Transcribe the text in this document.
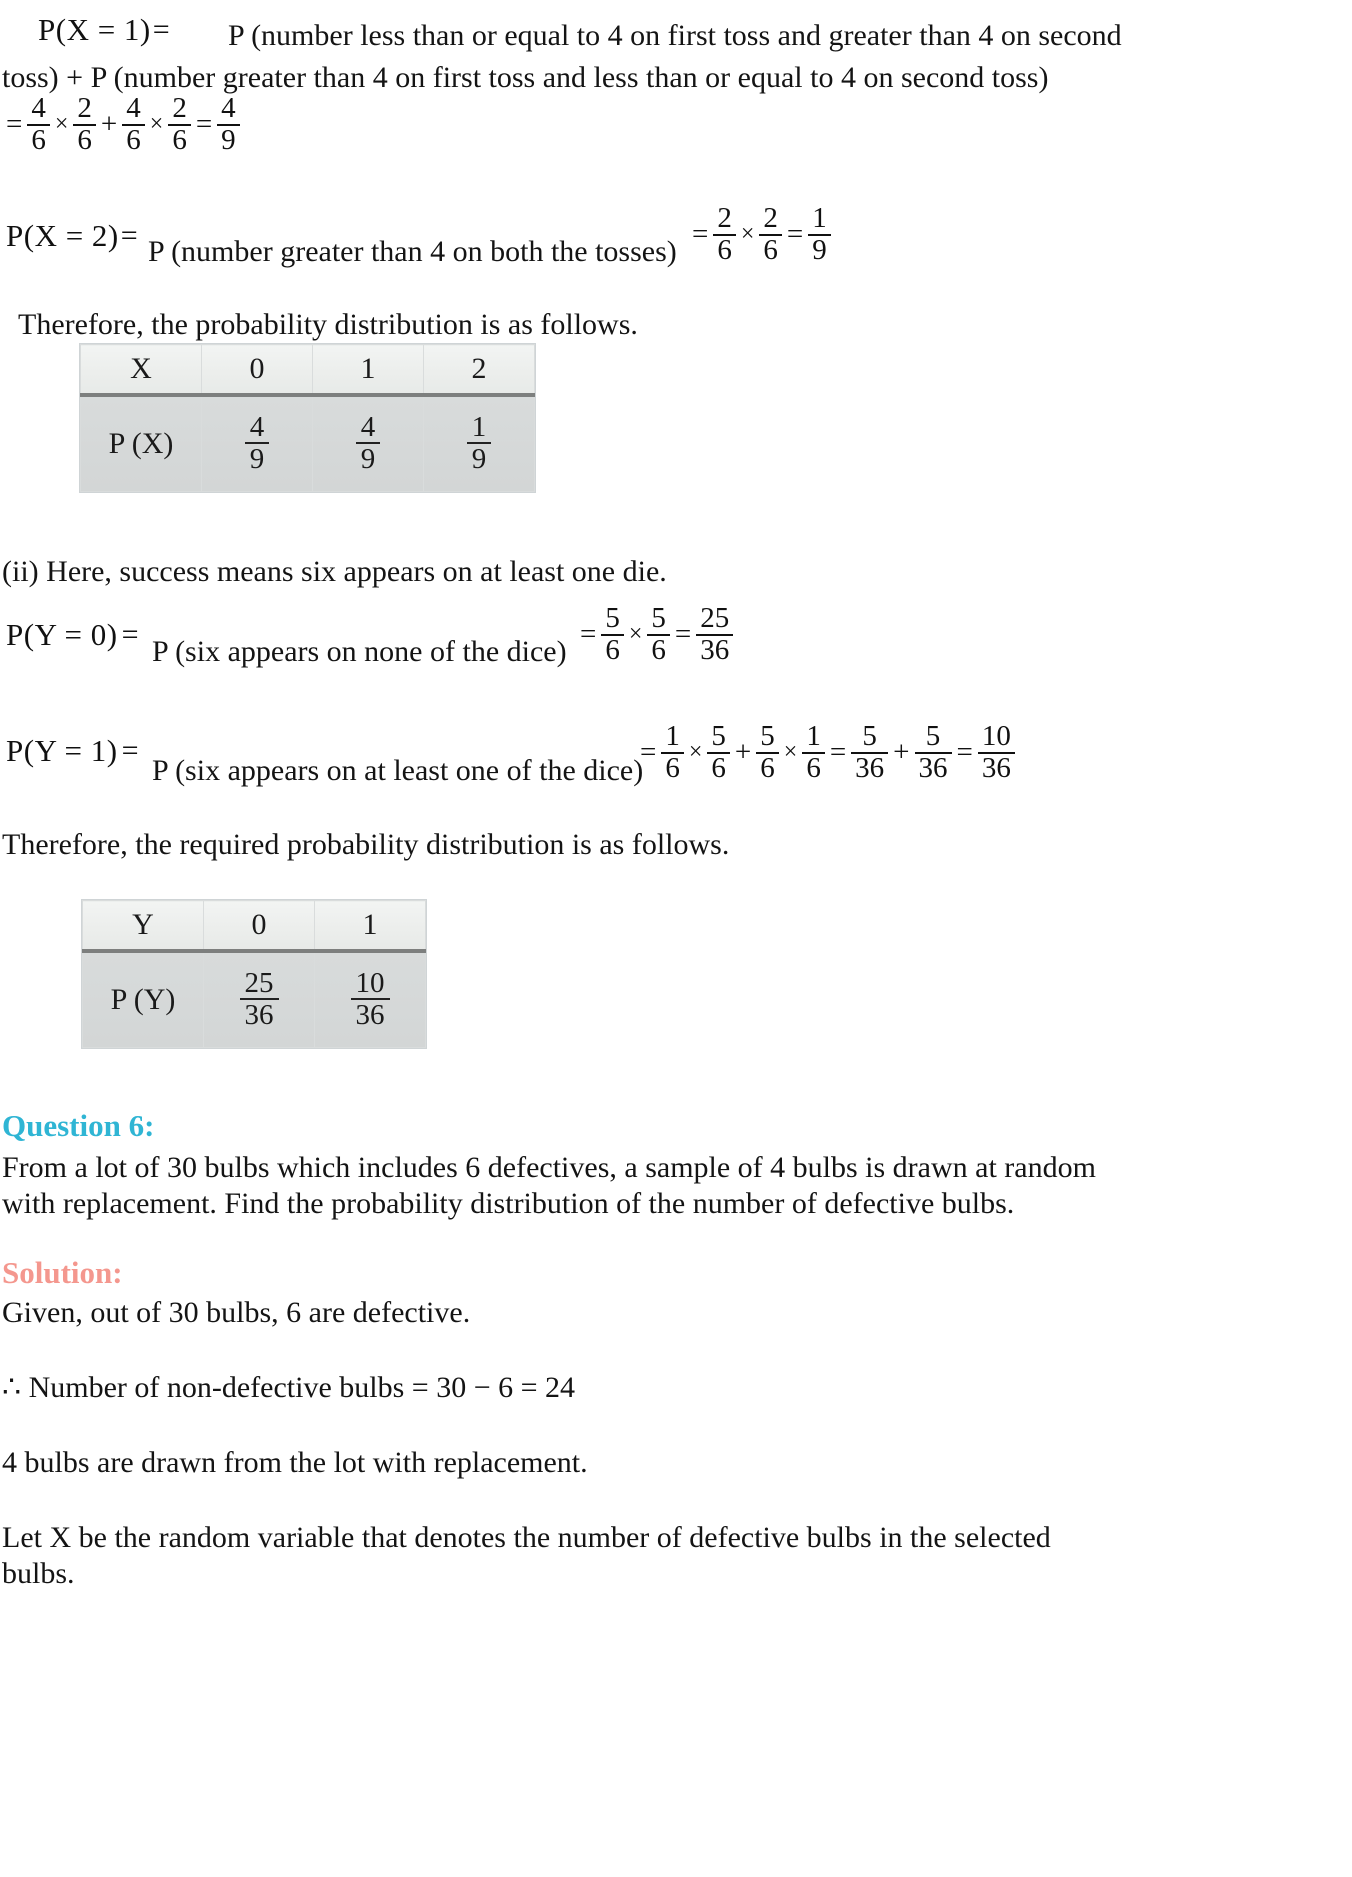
P(X = 1) = P (number less than or equal to 4 on first toss and greater than 4 on second
toss) + P (number greater than 4 on first toss and less than or equal to 4 on second toss)
= $\frac{4}{6} \times \frac{2}{6} + \frac{4}{6} \times \frac{2}{6} = \frac{4}{9}$
P(X = 2) = P (number greater than 4 on both the tosses)
= $\frac{2}{6} \times \frac{2}{6} = \frac{1}{9}$
Therefore, the probability distribution is as follows.
X	0	1	2
P (X)	$\frac{4}{9}$	$\frac{4}{9}$	$\frac{1}{9}$
(ii) Here, success means six appears on at least one die.
P(Y = 0) =
P (six appears on none of the dice)
= $\frac{5}{6} \times \frac{5}{6} = \frac{25}{36}$
P(Y = 1) =
P (six appears on at least one of the dice)
= $\frac{1}{6} \times \frac{5}{6} + \frac{5}{6} \times \frac{1}{6} = \frac{5}{36} + \frac{5}{36} = \frac{10}{36}$
Therefore, the required probability distribution is as follows.
Y	0	1
P (Y)	$\frac{25}{36}$	$\frac{10}{36}$
Question 6:
From a lot of 30 bulbs which includes 6 defectives, a sample of 4 bulbs is drawn at random
with replacement. Find the probability distribution of the number of defective bulbs.
Solution:
Given, out of 30 bulbs, 6 are defective.
∴ Number of non-defective bulbs = 30 − 6 = 24
4 bulbs are drawn from the lot with replacement.
Let X be the random variable that denotes the number of defective bulbs in the selected
bulbs.
